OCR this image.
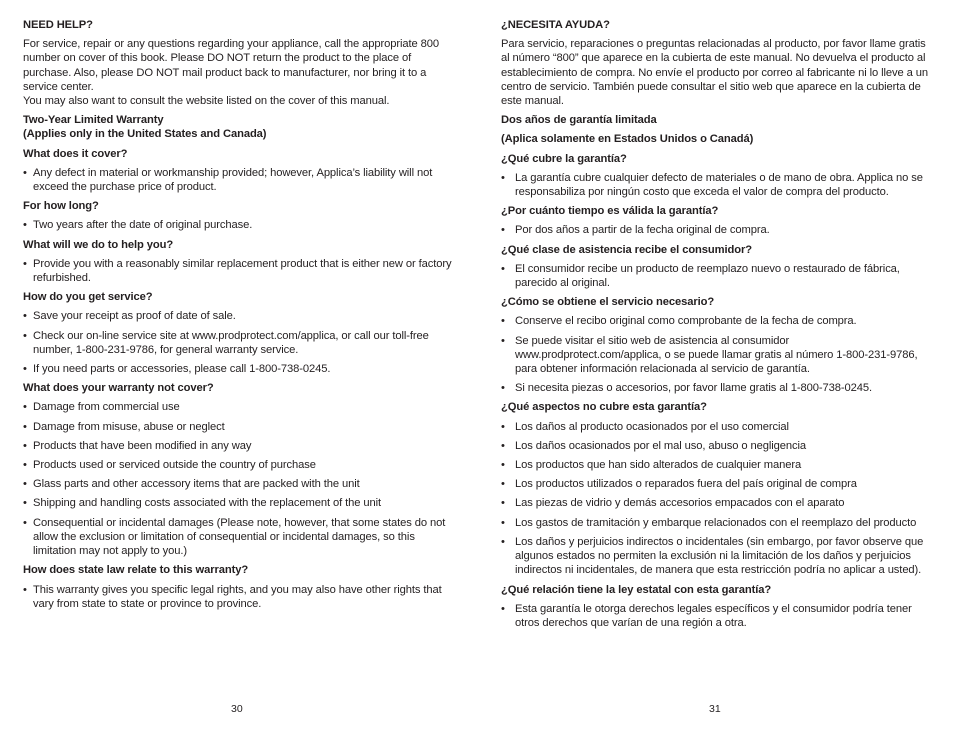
NEED HELP?
For service, repair or any questions regarding your appliance, call the appropriate 800 number on cover of this book. Please DO NOT return the product to the place of purchase. Also, please DO NOT mail product back to manufacturer, nor bring it to a service center.
You may also want to consult the website listed on the cover of this manual.
Two-Year Limited Warranty
(Applies only in the United States and Canada)
What does it cover?
• Any defect in material or workmanship provided; however, Applica’s liability will not exceed the purchase price of product.
For how long?
• Two years after the date of original purchase.
What will we do to help you?
• Provide you with a reasonably similar replacement product that is either new or factory refurbished.
How do you get service?
• Save your receipt as proof of date of sale.
• Check our on-line service site at www.prodprotect.com/applica, or call our toll-free number, 1-800-231-9786, for general warranty service.
• If you need parts or accessories, please call 1-800-738-0245.
What does your warranty not cover?
• Damage from commercial use
• Damage from misuse, abuse or neglect
• Products that have been modified in any way
• Products used or serviced outside the country of purchase
• Glass parts and other accessory items that are packed with the unit
• Shipping and handling costs associated with the replacement of the unit
• Consequential or incidental damages (Please note, however, that some states do not allow the exclusion or limitation of consequential or incidental damages, so this limitation may not apply to you.)
How does state law relate to this warranty?
• This warranty gives you specific legal rights, and you may also have other rights that vary from state to state or province to province.
¿NECESITA AYUDA?
Para servicio, reparaciones o preguntas relacionadas al producto, por favor llame gratis al número “800” que aparece en la cubierta de este manual. No devuelva el producto al establecimiento de compra. No envíe el producto por correo al fabricante ni lo lleve a un centro de servicio. También puede consultar el sitio web que aparece en la cubierta de este manual.
Dos años de garantía limitada
(Aplica solamente en Estados Unidos o Canadá)
¿Qué cubre la garantía?
• La garantía cubre cualquier defecto de materiales o de mano de obra. Applica no se responsabiliza por ningún costo que exceda el valor de compra del producto.
¿Por cuánto tiempo es válida la garantía?
• Por dos años a partir de la fecha original de compra.
¿Qué clase de asistencia recibe el consumidor?
• El consumidor recibe un producto de reemplazo nuevo o restaurado de fábrica, parecido al original.
¿Cómo se obtiene el servicio necesario?
• Conserve el recibo original como comprobante de la fecha de compra.
• Se puede visitar el sitio web de asistencia al consumidor www.prodprotect.com/applica, o se puede llamar gratis al número 1-800-231-9786, para obtener información relacionada al servicio de garantía.
• Si necesita piezas o accesorios, por favor llame gratis al 1-800-738-0245.
¿Qué aspectos no cubre esta garantía?
• Los daños al producto ocasionados por el uso comercial
• Los daños ocasionados por el mal uso, abuso o negligencia
• Los productos que han sido alterados de cualquier manera
• Los productos utilizados o reparados fuera del país original de compra
• Las piezas de vidrio y demás accesorios empacados con el aparato
• Los gastos de tramitación y embarque relacionados con el reemplazo del producto
• Los daños y perjuicios indirectos o incidentales (sin embargo, por favor observe que algunos estados no permiten la exclusión ni la limitación de los daños y perjuicios indirectos ni incidentales, de manera que esta restricción podría no aplicar a usted).
¿Qué relación tiene la ley estatal con esta garantía?
• Esta garantía le otorga derechos legales específicos y el consumidor podría tener otros derechos que varían de una región a otra.
30	31
